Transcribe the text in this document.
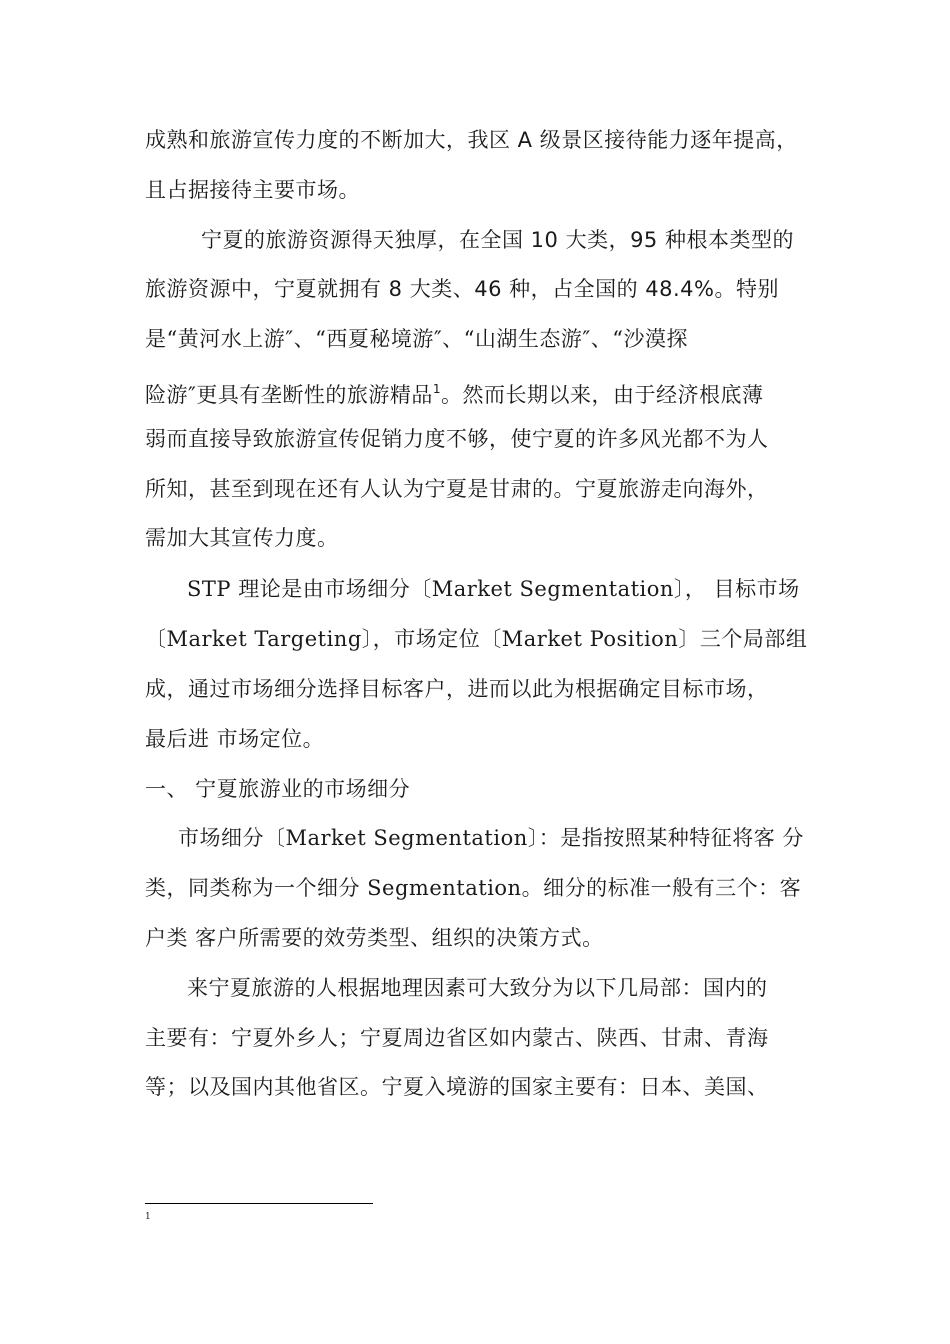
成熟和旅游宣传力度的不断加大，我区 A 级景区接待能力逐年提高，
且占据接待主要市场。
宁夏的旅游资源得天独厚，在全国 10 大类，95 种根本类型的
旅游资源中，宁夏就拥有 8 大类、46 种，占全国的 48.4%。特别
是“黄河水上游″、“西夏秘境游″、“山湖生态游″、“沙漠探
险游″更具有垄断性的旅游精品$^1$。然而长期以来，由于经济根底薄
弱而直接导致旅游宣传促销力度不够，使宁夏的许多风光都不为人
所知，甚至到现在还有人认为宁夏是甘肃的。宁夏旅游走向海外，
需加大其宣传力度。
STP 理论是由市场细分〔Market Segmentation〕， 目标市场
〔Market Targeting〕，市场定位〔Market Position〕三个局部组
成，通过市场细分选择目标客户，进而以此为根据确定目标市场，
最后进 市场定位。
一、 宁夏旅游业的市场细分
市场细分〔Market Segmentation〕：是指按照某种特征将客 分
类，同类称为一个细分 Segmentation。细分的标准一般有三个：客
户类 客户所需要的效劳类型、组织的决策方式。
来宁夏旅游的人根据地理因素可大致分为以下几局部：国内的
主要有：宁夏外乡人；宁夏周边省区如内蒙古、陕西、甘肃、青海
等；以及国内其他省区。宁夏入境游的国家主要有：日本、美国、
1
